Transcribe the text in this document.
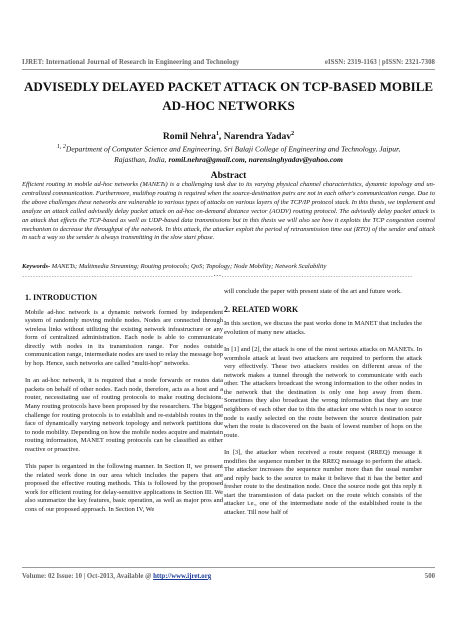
IJRET: International Journal of Research in Engineering and Technology	eISSN: 2319-1163 | pISSN: 2321-7308
ADVISEDLY DELAYED PACKET ATTACK ON TCP-BASED MOBILE
AD-HOC NETWORKS
Romil Nehra$^1$, Narendra Yadav$^2$
$^{1, 2}$Department of Computer Science and Engineering, Sri Balaji College of Engineering and Technology, Jaipur,
Rajasthan, India, romil.nehra@gmail.com, narensinghyadav@yahoo.com
Abstract
Efficient routing in mobile ad-hoc networks (MANETs) is a challenging task due to its varying physical channel characteristics, dynamic topology and un-centralized communication. Furthermore, multihop routing is required when the source-destination pairs are not in each other's communication range. Due to the above challenges these networks are vulnerable to various types of attacks on various layers of the TCP/IP protocol stack. In this thesis, we implement and analyze an attack called advisedly delay packet attack on ad-hoc on-demand distance vector (AODV) routing protocol. The advisedly delay packet attack is an attack that effects the TCP-based as well as UDP-based data transmissions but in this thesis we will also see how it exploits the TCP congestion control mechanism to decrease the throughput of the network. In this attack, the attacker exploit the period of retransmission time out (RTO) of the sender and attack in such a way so the sender is always transmitting in the slow start phase.
Keywords- MANETs; Multimedia Streaming; Routing protocols; QoS; Topology; Node Mobility; Network Scalability
------------------------------------------------------------------------***------------------------------------------------------------------------
1. INTRODUCTION

Mobile ad-hoc network is a dynamic network formed by independent system of randomly moving mobile nodes. Nodes are connected through wireless links without utilizing the existing network infrastructure or any form of centralized administration. Each node is able to communicate directly with nodes in its transmission range. For nodes outside communication range, intermediate nodes are used to relay the message hop by hop. Hence, such networks are called "multi-hop" networks.

In an ad-hoc network, it is required that a node forwards or routes data packets on behalf of other nodes. Each node, therefore, acts as a host and a router, necessitating use of routing protocols to make routing decisions. Many routing protocols have been proposed by the researchers. The biggest challenge for routing protocols is to establish and re-establish routes in the face of dynamically varying network topology and network partitions due to node mobility. Depending on how the mobile nodes acquire and maintain routing information, MANET routing protocols can be classified as either reactive or proactive.

This paper is organized in the following manner. In Section II, we present the related work done in our area which includes the papers that are proposed the effective routing methods. This is followed by the proposed work for efficient routing for delay-sensitive applications in Section III. We also summarize the key features, basic operation, as well as major pros and cons of our proposed approach. In Section IV, We

will conclude the paper with present state of the art and future work.

2. RELATED WORK

In this section, we discuss the past works done in MANET that includes the evolution of many new attacks.

In [1] and [2], the attack is one of the most serious attacks on MANETs. In wormhole attack at least two attackers are required to perform the attack very effectively. These two attackers resides on different areas of the network makes a tunnel through the network to communicate with each other. The attackers broadcast the wrong information to the other nodes in the network that the destination is only one hop away from them. Sometimes they also broadcast the wrong information that they are true neighbors of each other due to this the attacker one which is near to source node is easily selected on the route between the source destination pair when the route is discovered on the basis of lowest number of hops on the route.

In [3], the attacker when received a route request (RREQ) message it modifies the sequence number in the RREQ message to perform the attack. The attacker increases the sequence number more than the usual number and reply back to the source to make it believe that it has the better and fresher route to the destination node. Once the source node got this reply it start the transmission of data packet on the route which consists of the attacker i.e., one of the intermediate node of the established route is the attacker. Till now half of

Volume: 02 Issue: 10 | Oct-2013, Available @ http://www.ijret.org	500
